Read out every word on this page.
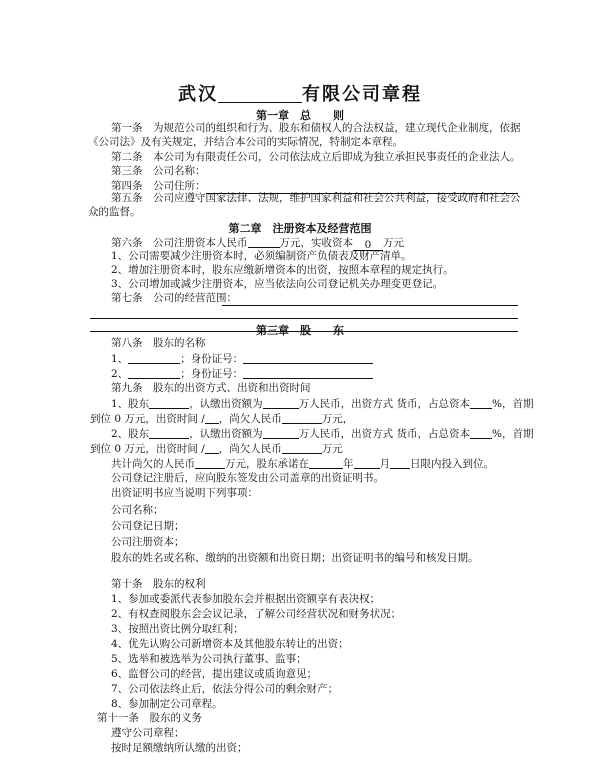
武汉	有限公司章程
第一章　总　　则
第一条　为规范公司的组织和行为、股东和债权人的合法权益，建立现代企业制度，依据
《公司法》及有关规定，并结合本公司的实际情况，特制定本章程。
第二条　本公司为有限责任公司，公司依法成立后即成为独立承担民事责任的企业法人。
第三条　公司名称：
第四条　公司住所：
第五条　公司应遵守国家法律、法规，维护国家利益和社会公共利益，接受政府和社会公
众的监督。
第二章　注册资本及经营范围
第六条　公司注册资本人民币	万元，实收资本 0 万元
1、公司需要减少注册资本时，必须编制资产负债表及财产清单。
2、增加注册资本时，股东应缴新增资本的出资，按照本章程的规定执行。
3、公司增加或减少注册资本，应当依法向公司登记机关办理变更登记。
第七条　公司的经营范围：
第三章　股　　东
第八条　股东的名称
1、	；身份证号：
2、	；身份证号：
第九条　股东的出资方式、出资和出资时间
1、股东	，认缴出资额为	万人民币，出资方式 货币，占总资本 %，首期
到位 0 万元，出资时间 / ，尚欠人民币	万元，
2、股东	，认缴出资额为	万人民币，出资方式 货币，占总资本 %，首期
到位 0 万元，出资时间 / ，尚欠人民币	万元
共计尚欠的人民币	万元，股东承诺在	年 月 日限内投入到位。
公司登记注册后，应向股东签发由公司盖章的出资证明书。
出资证明书应当说明下列事项：
公司名称；
公司登记日期；
公司注册资本；
股东的姓名或名称、缴纳的出资额和出资日期；出资证明书的编号和核发日期。
第十条　股东的权利
1、参加或委派代表参加股东会并根据出资额享有表决权；
2、有权查阅股东会会议记录，了解公司经营状况和财务状况；
3、按照出资比例分取红利；
4、优先认购公司新增资本及其他股东转让的出资；
5、选举和被选举为公司执行董事、监事；
6、监督公司的经营，提出建议或质询意见；
7、公司依法终止后，依法分得公司的剩余财产；
8、参加制定公司章程。
第十一条　股东的义务
遵守公司章程；
按时足额缴纳所认缴的出资；
